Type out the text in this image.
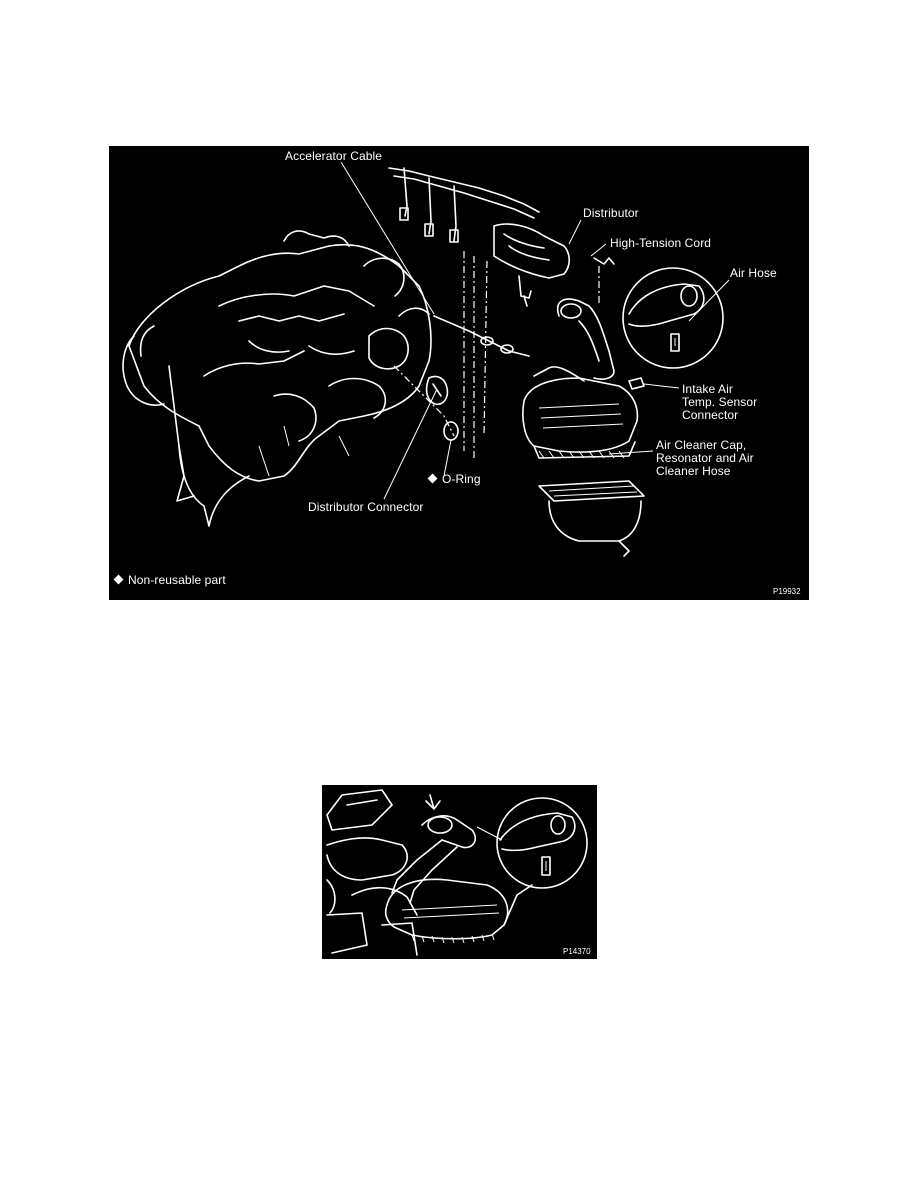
Accelerator Cable
Distributor
High-Tension Cord
Air Hose
Intake Air
Temp. Sensor
Connector
Air Cleaner Cap,
Resonator and Air
Cleaner Hose
O-Ring
Distributor Connector
Non-reusable part
P19932
P14370
